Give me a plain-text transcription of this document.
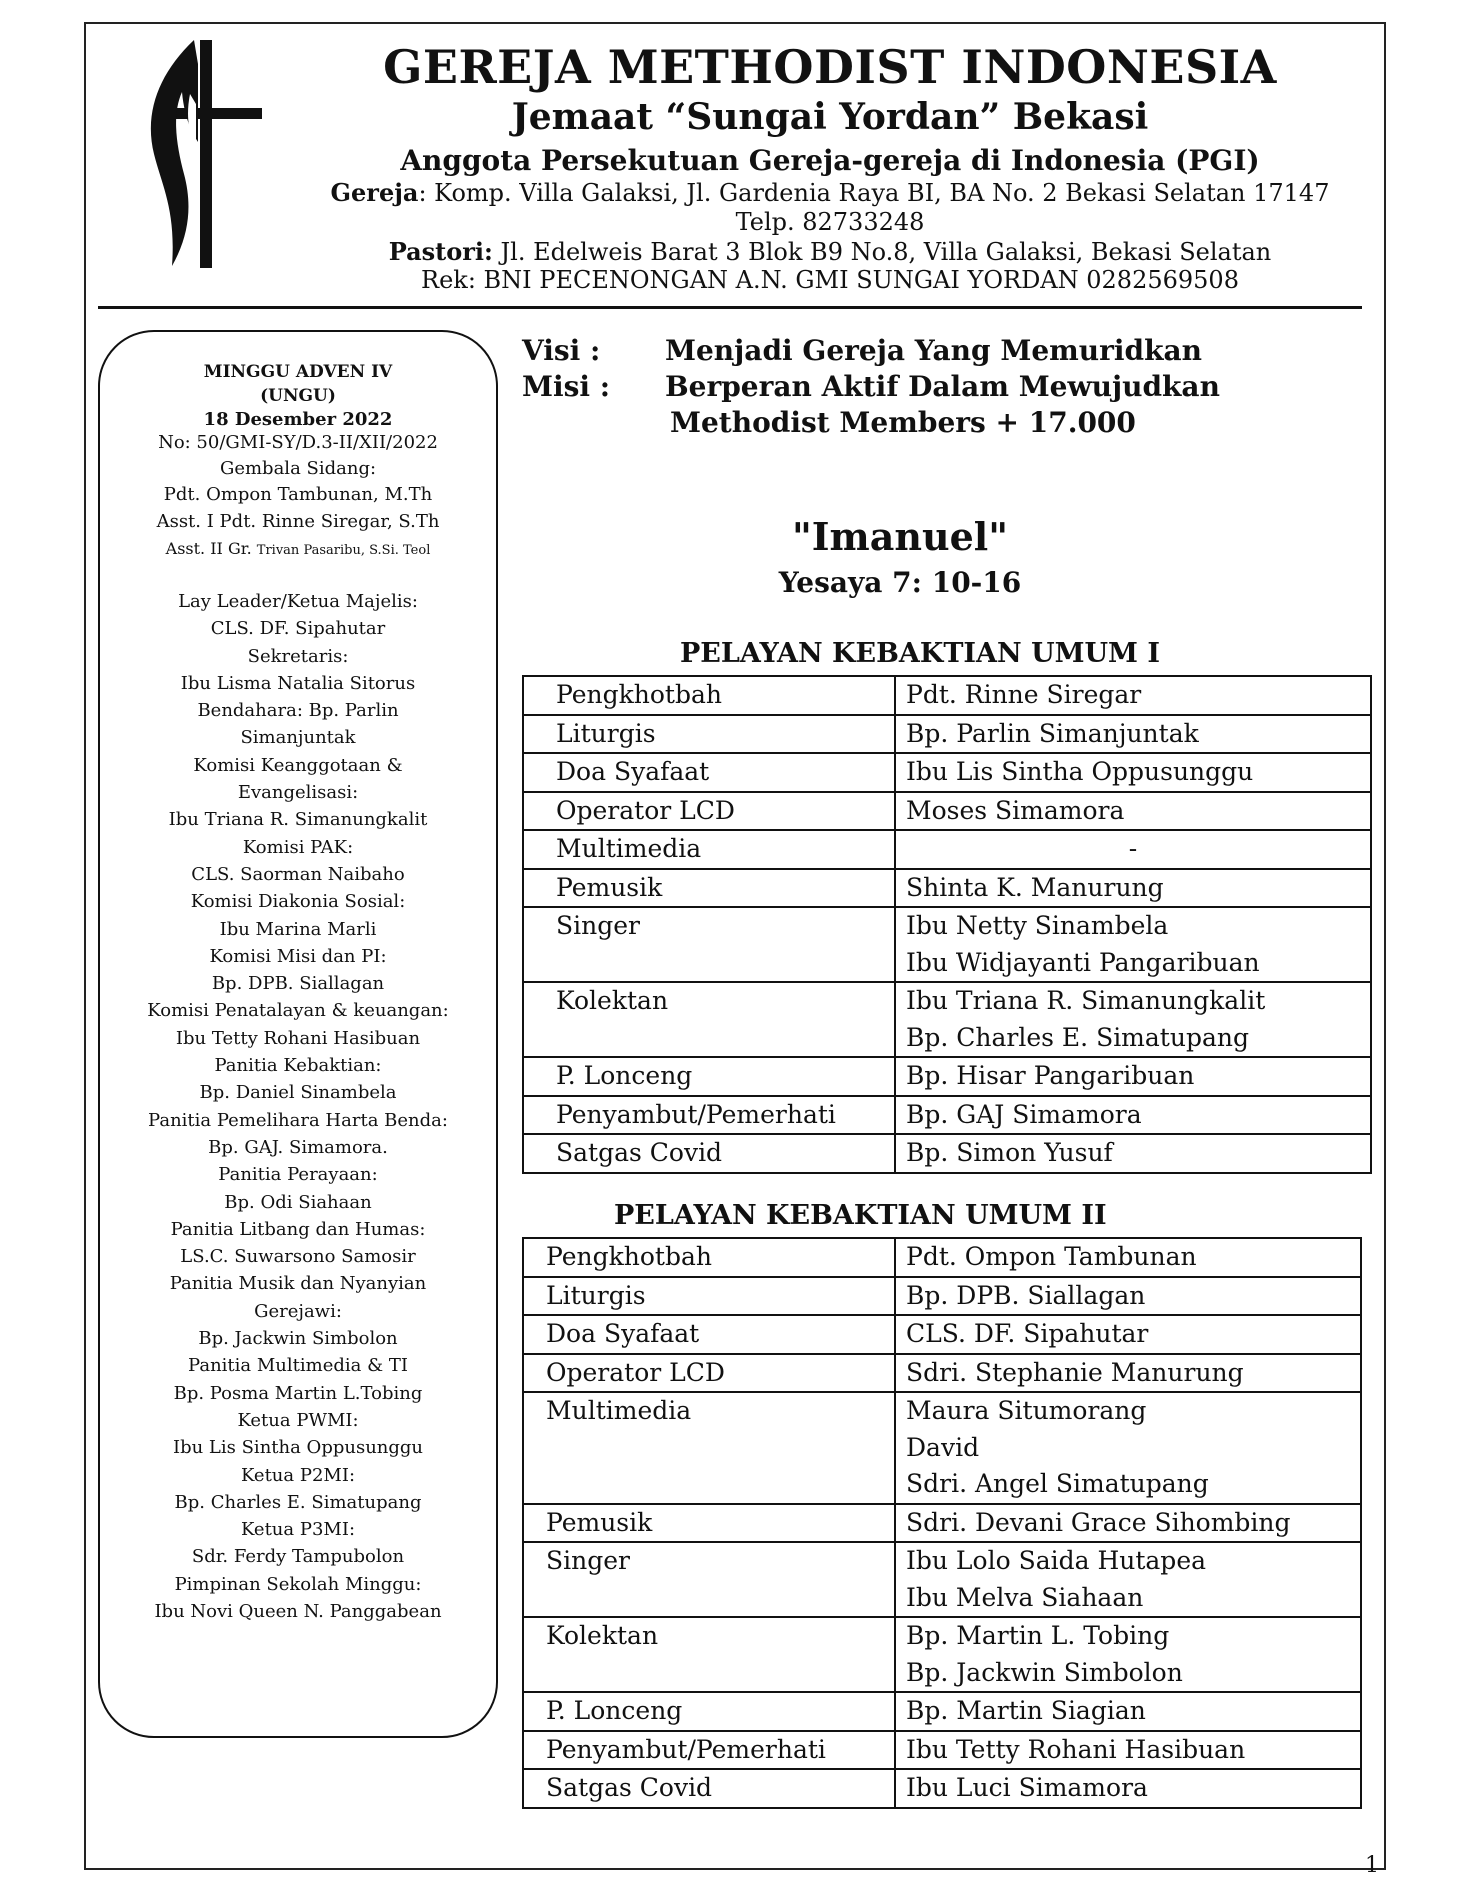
GEREJA METHODIST INDONESIA
Jemaat “Sungai Yordan” Bekasi
Anggota Persekutuan Gereja-gereja di Indonesia (PGI)
Gereja: Komp. Villa Galaksi, Jl. Gardenia Raya BI, BA No. 2 Bekasi Selatan 17147
Telp. 82733248
Pastori: Jl. Edelweis Barat 3 Blok B9 No.8, Villa Galaksi, Bekasi Selatan
Rek: BNI PECENONGAN A.N. GMI SUNGAI YORDAN 0282569508
MINGGU ADVEN IV
(UNGU)
18 Desember 2022
No: 50/GMI-SY/D.3-II/XII/2022
Gembala Sidang:
Pdt. Ompon Tambunan, M.Th
Asst. I Pdt. Rinne Siregar, S.Th
Asst. II Gr. Trivan Pasaribu, S.Si. Teol
Lay Leader/Ketua Majelis:
CLS. DF. Sipahutar
Sekretaris:
Ibu Lisma Natalia Sitorus
Bendahara: Bp. Parlin
Simanjuntak
Komisi Keanggotaan &
Evangelisasi:
Ibu Triana R. Simanungkalit
Komisi PAK:
CLS. Saorman Naibaho
Komisi Diakonia Sosial:
Ibu Marina Marli
Komisi Misi dan PI:
Bp. DPB. Siallagan
Komisi Penatalayan & keuangan:
Ibu Tetty Rohani Hasibuan
Panitia Kebaktian:
Bp. Daniel Sinambela
Panitia Pemelihara Harta Benda:
Bp. GAJ. Simamora.
Panitia Perayaan:
Bp. Odi Siahaan
Panitia Litbang dan Humas:
LS.C. Suwarsono Samosir
Panitia Musik dan Nyanyian
Gerejawi:
Bp. Jackwin Simbolon
Panitia Multimedia & TI
Bp. Posma Martin L.Tobing
Ketua PWMI:
Ibu Lis Sintha Oppusunggu
Ketua P2MI:
Bp. Charles E. Simatupang
Ketua P3MI:
Sdr. Ferdy Tampubolon
Pimpinan Sekolah Minggu:
Ibu Novi Queen N. Panggabean
Visi : Menjadi Gereja Yang Memuridkan
Misi : Berperan Aktif Dalam Mewujudkan
Methodist Members + 17.000
"Imanuel"
Yesaya 7: 10-16
PELAYAN KEBAKTIAN UMUM I
Pengkhotbah	Pdt. Rinne Siregar

Liturgis	Bp. Parlin Simanjuntak

Doa Syafaat	Ibu Lis Sintha Oppusunggu

Operator LCD	Moses Simamora

Multimedia	-

Pemusik	Shinta K. Manurung

Singer	Ibu Netty Sinambela
Ibu Widjayanti Pangaribuan

Kolektan	Ibu Triana R. Simanungkalit
Bp. Charles E. Simatupang

P. Lonceng	Bp. Hisar Pangaribuan

Penyambut/Pemerhati	Bp. GAJ Simamora

Satgas Covid	Bp. Simon Yusuf
PELAYAN KEBAKTIAN UMUM II
Pengkhotbah	Pdt. Ompon Tambunan

Liturgis	Bp. DPB. Siallagan

Doa Syafaat	CLS. DF. Sipahutar

Operator LCD	Sdri. Stephanie Manurung

Multimedia	Maura Situmorang
David
Sdri. Angel Simatupang

Pemusik	Sdri. Devani Grace Sihombing

Singer	Ibu Lolo Saida Hutapea
Ibu Melva Siahaan

Kolektan	Bp. Martin L. Tobing
Bp. Jackwin Simbolon

P. Lonceng	Bp. Martin Siagian

Penyambut/Pemerhati	Ibu Tetty Rohani Hasibuan

Satgas Covid	Ibu Luci Simamora
1
